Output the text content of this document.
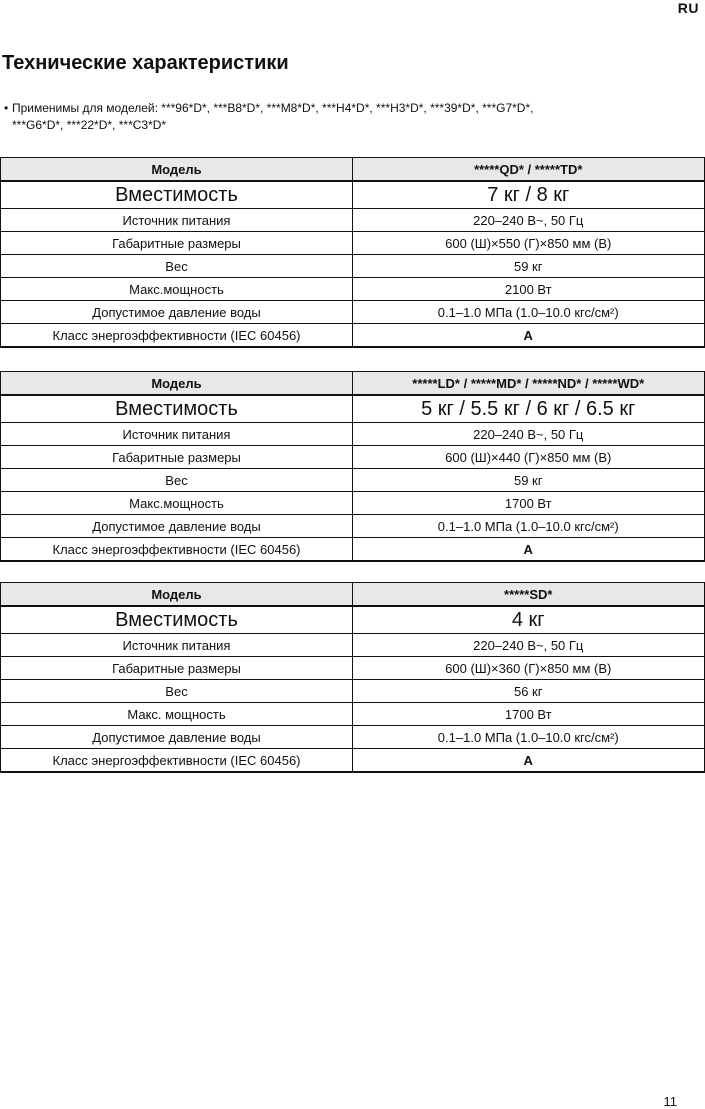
RU
Технические характеристики
• Применимы для моделей: ***96*D*, ***B8*D*, ***M8*D*, ***H4*D*, ***H3*D*, ***39*D*, ***G7*D*,
***G6*D*, ***22*D*, ***C3*D*
Модель	*****QD* / *****TD*
Вместимость	7 кг / 8 кг
Источник питания	220–240 В~, 50 Гц
Габаритные размеры	600 (Ш)×550 (Г)×850 мм (В)
Вес	59 кг
Макс.мощность	2100 Вт
Допустимое давление воды	0.1–1.0 МПа (1.0–10.0 кгс/см²)
Класс энергоэффективности (IEC 60456)	A
Модель	*****LD* / *****MD* / *****ND* / *****WD*
Вместимость	5 кг / 5.5 кг / 6 кг / 6.5 кг
Источник питания	220–240 В~, 50 Гц
Габаритные размеры	600 (Ш)×440 (Г)×850 мм (В)
Вес	59 кг
Макс.мощность	1700 Вт
Допустимое давление воды	0.1–1.0 МПа (1.0–10.0 кгс/см²)
Класс энергоэффективности (IEC 60456)	A
Модель	*****SD*
Вместимость	4 кг
Источник питания	220–240 В~, 50 Гц
Габаритные размеры	600 (Ш)×360 (Г)×850 мм (В)
Вес	56 кг
Макс. мощность	1700 Вт
Допустимое давление воды	0.1–1.0 МПа (1.0–10.0 кгс/см²)
Класс энергоэффективности (IEC 60456)	A
11
